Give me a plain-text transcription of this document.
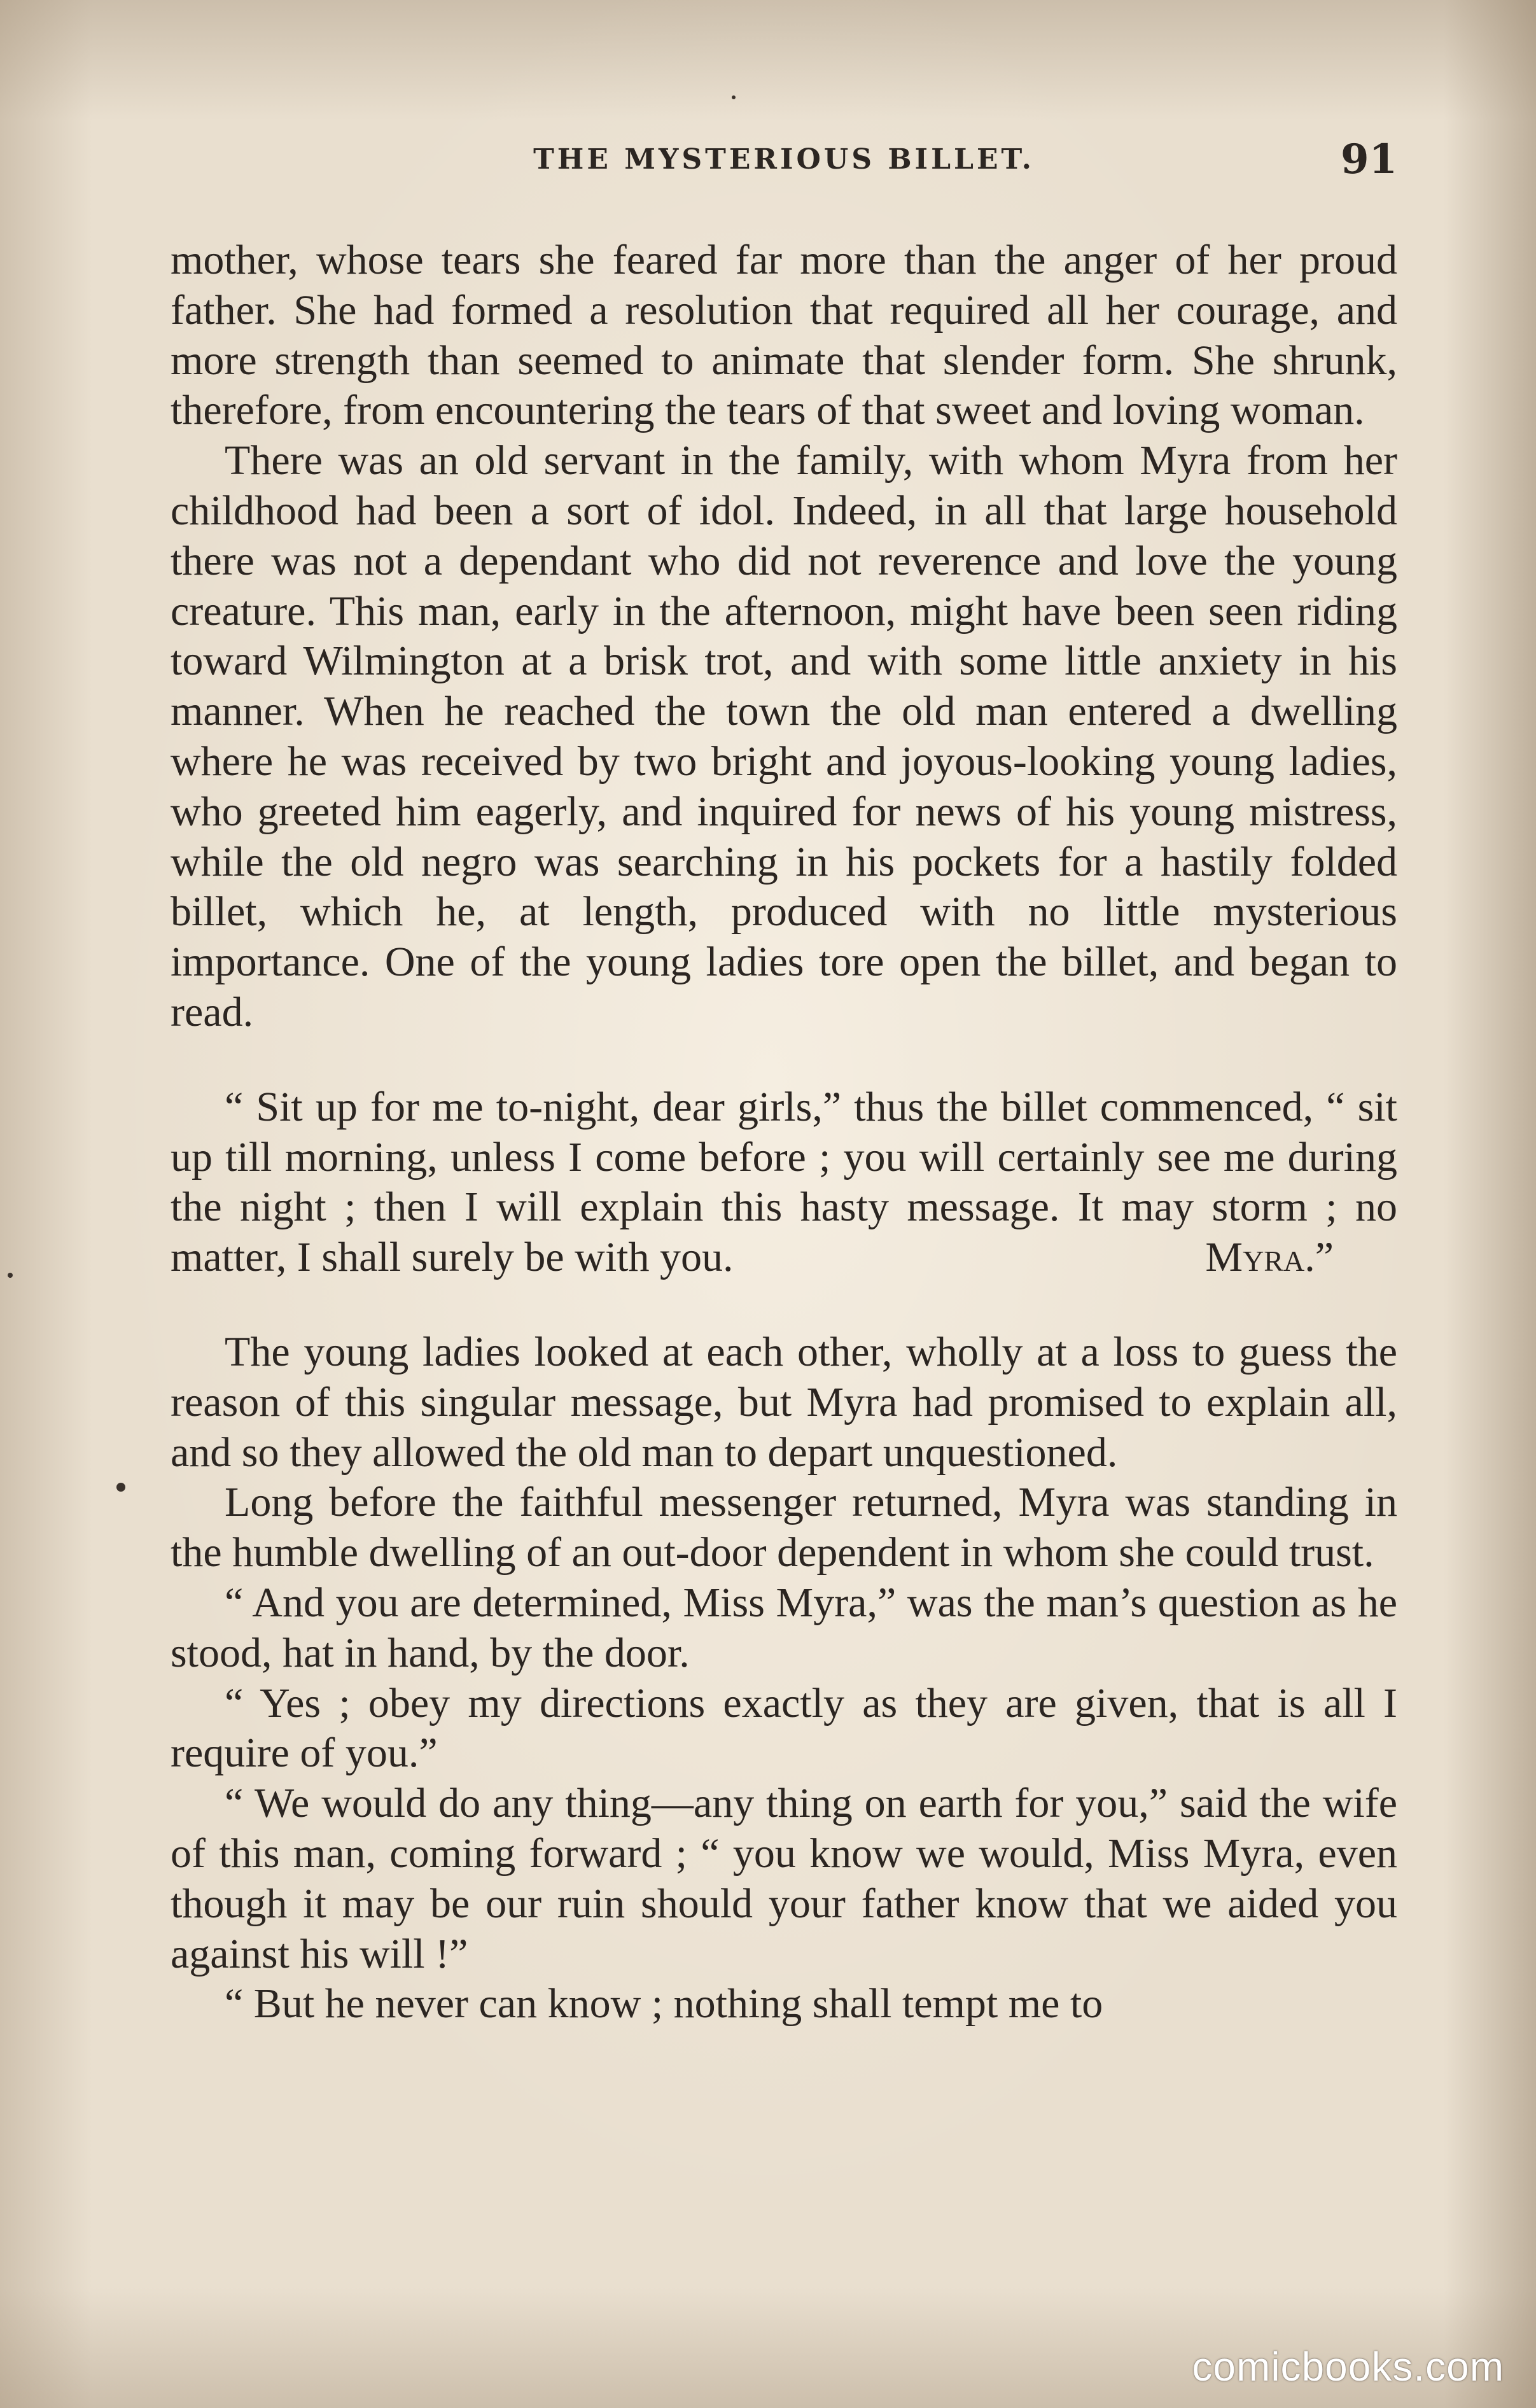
THE MYSTERIOUS BILLET.	91

mother, whose tears she feared far more than the anger of her proud father. She had formed a resolution that required all her courage, and more strength than seemed to animate that slender form. She shrunk, therefore, from encountering the tears of that sweet and loving woman.

There was an old servant in the family, with whom Myra from her childhood had been a sort of idol. Indeed, in all that large household there was not a dependant who did not reverence and love the young creature. This man, early in the afternoon, might have been seen riding toward Wilmington at a brisk trot, and with some little anxiety in his manner. When he reached the town the old man entered a dwelling where he was received by two bright and joyous-looking young ladies, who greeted him eagerly, and inquired for news of his young mistress, while the old negro was searching in his pockets for a hastily folded billet, which he, at length, produced with no little mysterious importance. One of the young ladies tore open the billet, and began to read.

“ Sit up for me to-night, dear girls,” thus the billet commenced, “ sit up till morning, unless I come before ; you will certainly see me during the night ; then I will explain this hasty message. It may storm ; no matter, I shall surely be with you.	Myra.”

The young ladies looked at each other, wholly at a loss to guess the reason of this singular message, but Myra had promised to explain all, and so they allowed the old man to depart unquestioned.

Long before the faithful messenger returned, Myra was standing in the humble dwelling of an out-door dependent in whom she could trust.

“ And you are determined, Miss Myra,” was the man’s question as he stood, hat in hand, by the door.

“ Yes ; obey my directions exactly as they are given, that is all I require of you.”

“ We would do any thing—any thing on earth for you,” said the wife of this man, coming forward ; “ you know we would, Miss Myra, even though it may be our ruin should your father know that we aided you against his will !”

“ But he never can know ; nothing shall tempt me to

comicbooks.com
